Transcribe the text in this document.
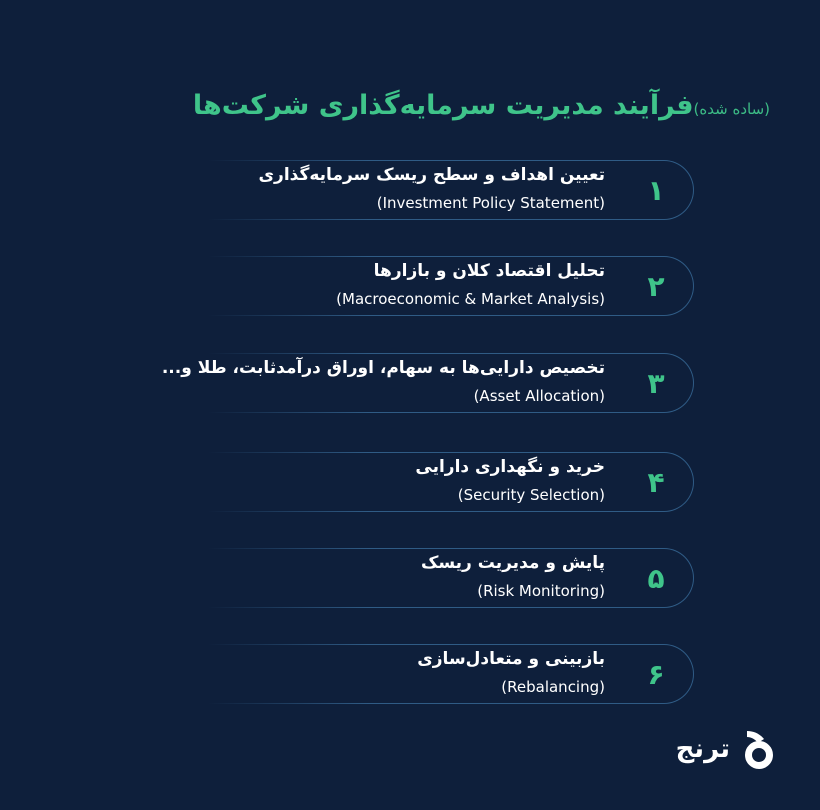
فرآیند مدیریت سرمایه‌گذاری شرکت‌ها (ساده شده)
۱
تعیین اهداف و سطح ریسک سرمایه‌گذاری
(Investment Policy Statement)
۲
تحلیل اقتصاد کلان و بازارها
(Macroeconomic & Market Analysis)
۳
تخصیص دارایی‌ها به سهام، اوراق درآمدثابت، طلا و...
(Asset Allocation)
۴
خرید و نگهداری دارایی
(Security Selection)
۵
پایش و مدیریت ریسک
(Risk Monitoring)
۶
بازبینی و متعادل‌سازی
(Rebalancing)
ترنج
